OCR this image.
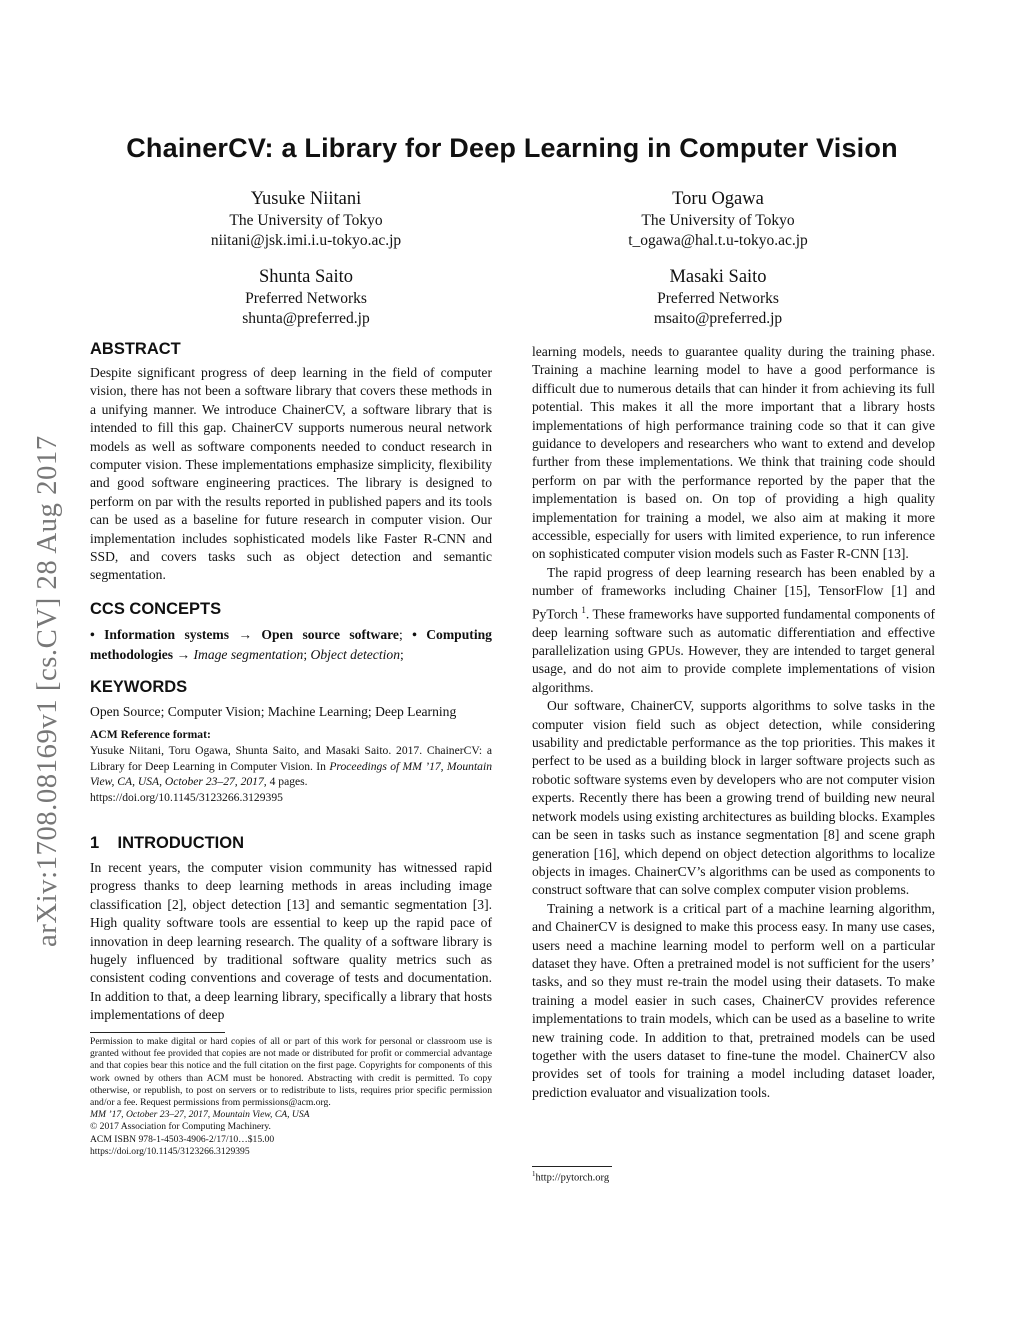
ChainerCV: a Library for Deep Learning in Computer Vision
Yusuke Niitani
The University of Tokyo
niitani@jsk.imi.i.u-tokyo.ac.jp
Toru Ogawa
The University of Tokyo
t_ogawa@hal.t.u-tokyo.ac.jp
Shunta Saito
Preferred Networks
shunta@preferred.jp
Masaki Saito
Preferred Networks
msaito@preferred.jp
arXiv:1708.08169v1 [cs.CV] 28 Aug 2017
ABSTRACT

Despite significant progress of deep learning in the field of computer vision, there has not been a software library that covers these methods in a unifying manner. We introduce ChainerCV, a software library that is intended to fill this gap. ChainerCV supports numerous neural network models as well as software components needed to conduct research in computer vision. These implementations emphasize simplicity, flexibility and good software engineering practices. The library is designed to perform on par with the results reported in published papers and its tools can be used as a baseline for future research in computer vision. Our implementation includes sophisticated models like Faster R-CNN and SSD, and covers tasks such as object detection and semantic segmentation.

CCS CONCEPTS
• Information systems → Open source software; • Computing methodologies → Image segmentation; Object detection;
KEYWORDS
Open Source; Computer Vision; Machine Learning; Deep Learning
ACM Reference format:
Yusuke Niitani, Toru Ogawa, Shunta Saito, and Masaki Saito. 2017. ChainerCV: a Library for Deep Learning in Computer Vision. In Proceedings of MM ’17, Mountain View, CA, USA, October 23–27, 2017, 4 pages.
https://doi.org/10.1145/3123266.3129395
1 INTRODUCTION

In recent years, the computer vision community has witnessed rapid progress thanks to deep learning methods in areas including image classification [2], object detection [13] and semantic segmentation [3]. High quality software tools are essential to keep up the rapid pace of innovation in deep learning research. The quality of a software library is hugely influenced by traditional software quality metrics such as consistent coding conventions and coverage of tests and documentation. In addition to that, a deep learning library, specifically a library that hosts implementations of deep

Permission to make digital or hard copies of all or part of this work for personal or classroom use is granted without fee provided that copies are not made or distributed for profit or commercial advantage and that copies bear this notice and the full citation on the first page. Copyrights for components of this work owned by others than ACM must be honored. Abstracting with credit is permitted. To copy otherwise, or republish, to post on servers or to redistribute to lists, requires prior specific permission and/or a fee. Request permissions from permissions@acm.org.

MM ’17, October 23–27, 2017, Mountain View, CA, USA

© 2017 Association for Computing Machinery.

ACM ISBN 978-1-4503-4906-2/17/10…$15.00

https://doi.org/10.1145/3123266.3129395

learning models, needs to guarantee quality during the training phase. Training a machine learning model to have a good performance is difficult due to numerous details that can hinder it from achieving its full potential. This makes it all the more important that a library hosts implementations of high performance training code so that it can give guidance to developers and researchers who want to extend and develop further from these implementations. We think that training code should perform on par with the performance reported by the paper that the implementation is based on. On top of providing a high quality implementation for training a model, we also aim at making it more accessible, especially for users with limited experience, to run inference on sophisticated computer vision models such as Faster R-CNN [13].

The rapid progress of deep learning research has been enabled by a number of frameworks including Chainer [15], TensorFlow [1] and PyTorch $^1$. These frameworks have supported fundamental components of deep learning software such as automatic differentiation and effective parallelization using GPUs. However, they are intended to target general usage, and do not aim to provide complete implementations of vision algorithms.

Our software, ChainerCV, supports algorithms to solve tasks in the computer vision field such as object detection, while considering usability and predictable performance as the top priorities. This makes it perfect to be used as a building block in larger software projects such as robotic software systems even by developers who are not computer vision experts. Recently there has been a growing trend of building new neural network models using existing architectures as building blocks. Examples can be seen in tasks such as instance segmentation [8] and scene graph generation [16], which depend on object detection algorithms to localize objects in images. ChainerCV’s algorithms can be used as components to construct software that can solve complex computer vision problems.

Training a network is a critical part of a machine learning algorithm, and ChainerCV is designed to make this process easy. In many use cases, users need a machine learning model to perform well on a particular dataset they have. Often a pretrained model is not sufficient for the users’ tasks, and so they must re-train the model using their datasets. To make training a model easier in such cases, ChainerCV provides reference implementations to train models, which can be used as a baseline to write new training code. In addition to that, pretrained models can be used together with the users dataset to fine-tune the model. ChainerCV also provides set of tools for training a model including dataset loader, prediction evaluator and visualization tools.

$^1$http://pytorch.org
